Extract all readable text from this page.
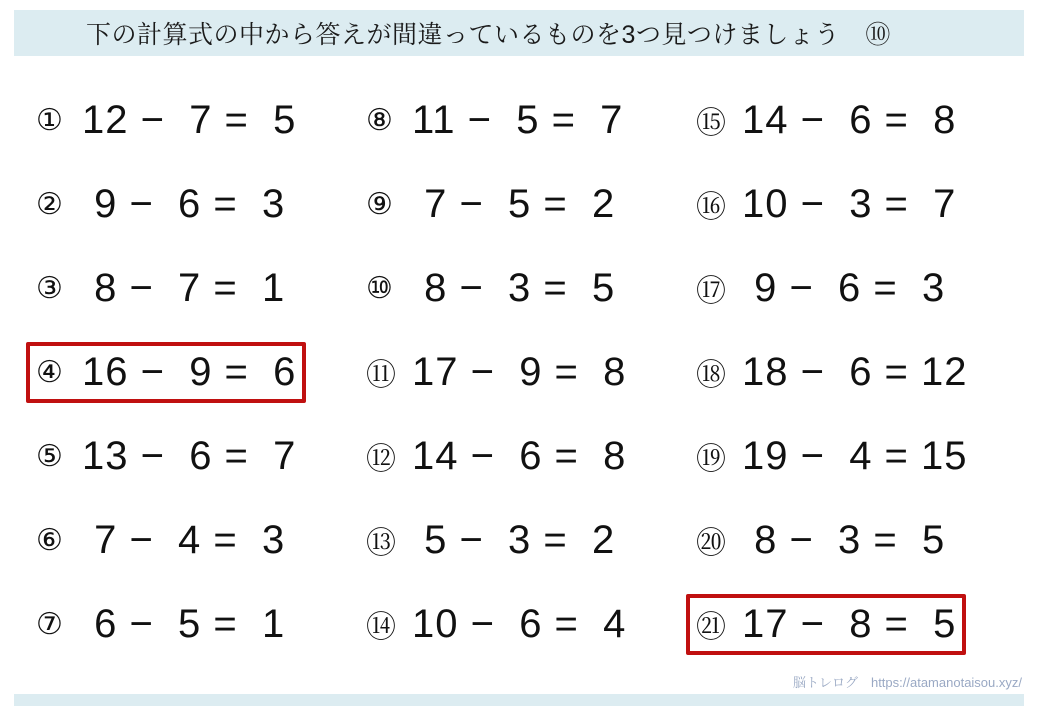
下の計算式の中から答えが間違っているものを3つ見つけましょう　⑩
① 12 −  7 =  5 ⑧ 11 −  5 =  7 ⑮ 14 −  6 =  8
② 9 −  6 =  3	⑨ 7 −  5 =  2	⑯ 10 −  3 =  7
③ 8 −  7 =  1	⑩ 8 −  3 =  5	⑰ 9 −  6 =  3
④ 16 −  9 =  6 ⑪ 17 −  9 =  8 ⑱ 18 −  6 = 12
⑤ 13 −  6 =  7 ⑫ 14 −  6 =  8 ⑲ 19 −  4 = 15
⑥ 7 −  4 =  3	⑬ 5 −  3 =  2	⑳ 8 −  3 =  5
⑦ 6 −  5 =  1	⑭ 10 −  6 =  4 ㉑ 17 −  8 =  5
脳トレログ　https://atamanotaisou.xyz/
